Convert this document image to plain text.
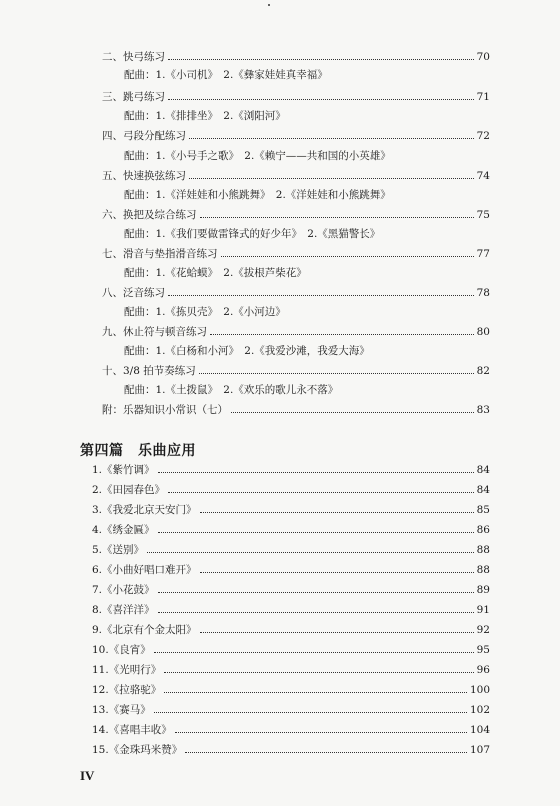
二、快弓练习	70
配曲：1.《小司机》　2.《彝家娃娃真幸福》
三、跳弓练习	71
配曲：1.《排排坐》　2.《浏阳河》
四、弓段分配练习	72
配曲：1.《小号手之歌》　2.《赖宁——共和国的小英雄》
五、快速换弦练习	74
配曲：1.《洋娃娃和小熊跳舞》　2.《洋娃娃和小熊跳舞》
六、换把及综合练习	75
配曲：1.《我们要做雷锋式的好少年》　2.《黑猫警长》
七、滑音与垫指滑音练习	77
配曲：1.《花蛤蟆》　2.《拔根芦柴花》
八、泛音练习	78
配曲：1.《拣贝壳》　2.《小河边》
九、休止符与顿音练习	80
配曲：1.《白杨和小河》　2.《我爱沙滩，我爱大海》
十、3/8 拍节奏练习	82
配曲：1.《土拨鼠》　2.《欢乐的歌儿永不落》
附：乐器知识小常识（七）	83
第四篇　乐曲应用
1.《紫竹调》	84
2.《田园春色》	84
3.《我爱北京天安门》	85
4.《绣金匾》	86
5.《送别》	88
6.《小曲好唱口难开》	88
7.《小花鼓》	89
8.《喜洋洋》	91
9.《北京有个金太阳》	92
10.《良宵》	95
11.《光明行》	96
12.《拉骆驼》	100
13.《赛马》	102
14.《喜唱丰收》	104
15.《金珠玛米赞》	107
IV
